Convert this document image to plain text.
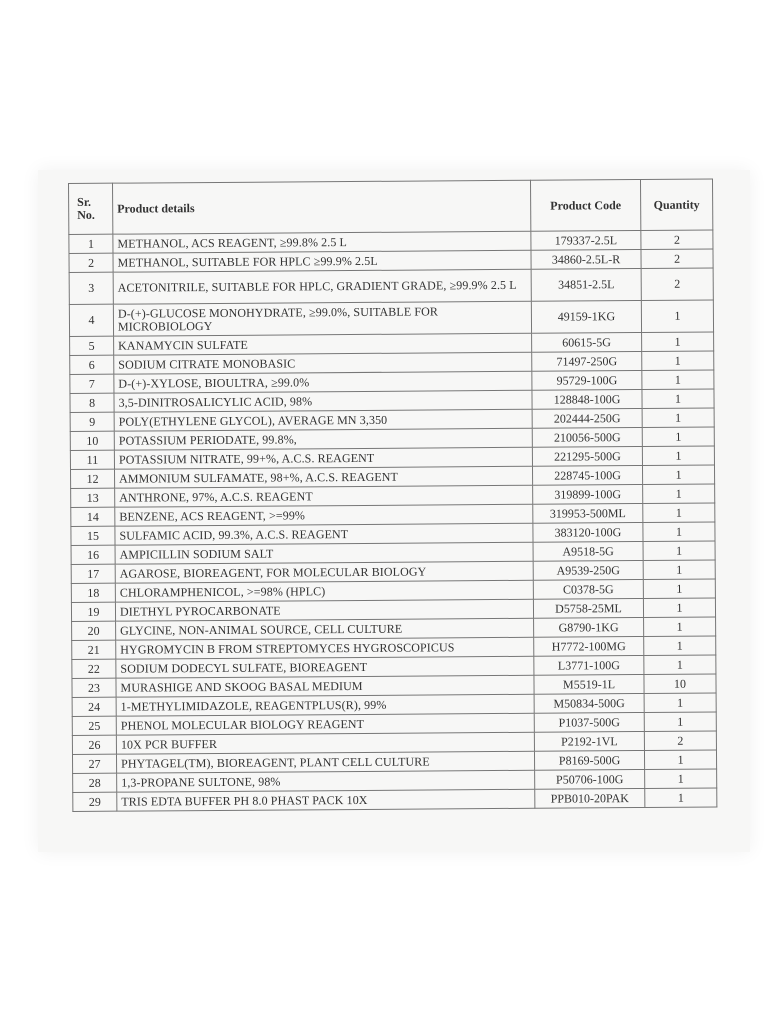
Sr. No.	Product details	Product Code	Quantity
1	METHANOL, ACS REAGENT, ≥99.8% 2.5 L	179337-2.5L	2
2	METHANOL, SUITABLE FOR HPLC ≥99.9% 2.5L	34860-2.5L-R	2
3	ACETONITRILE, SUITABLE FOR HPLC, GRADIENT GRADE, ≥99.9% 2.5 L	34851-2.5L	2
4	D-(+)-GLUCOSE MONOHYDRATE, ≥99.0%, SUITABLE FOR MICROBIOLOGY	49159-1KG	1
5	KANAMYCIN SULFATE	60615-5G	1
6	SODIUM CITRATE MONOBASIC	71497-250G	1
7	D-(+)-XYLOSE, BIOULTRA, ≥99.0%	95729-100G	1
8	3,5-DINITROSALICYLIC ACID, 98%	128848-100G	1
9	POLY(ETHYLENE GLYCOL), AVERAGE MN 3,350	202444-250G	1
10	POTASSIUM PERIODATE, 99.8%,	210056-500G	1
11	POTASSIUM NITRATE, 99+%, A.C.S. REAGENT	221295-500G	1
12	AMMONIUM SULFAMATE, 98+%, A.C.S. REAGENT	228745-100G	1
13	ANTHRONE, 97%, A.C.S. REAGENT	319899-100G	1
14	BENZENE, ACS REAGENT, >=99%	319953-500ML	1
15	SULFAMIC ACID, 99.3%, A.C.S. REAGENT	383120-100G	1
16	AMPICILLIN SODIUM SALT	A9518-5G	1
17	AGAROSE, BIOREAGENT, FOR MOLECULAR BIOLOGY	A9539-250G	1
18	CHLORAMPHENICOL, >=98% (HPLC)	C0378-5G	1
19	DIETHYL PYROCARBONATE	D5758-25ML	1
20	GLYCINE, NON-ANIMAL SOURCE, CELL CULTURE	G8790-1KG	1
21	HYGROMYCIN B FROM STREPTOMYCES HYGROSCOPICUS	H7772-100MG	1
22	SODIUM DODECYL SULFATE, BIOREAGENT	L3771-100G	1
23	MURASHIGE AND SKOOG BASAL MEDIUM	M5519-1L	10
24	1-METHYLIMIDAZOLE, REAGENTPLUS(R), 99%	M50834-500G	1
25	PHENOL MOLECULAR BIOLOGY REAGENT	P1037-500G	1
26	10X PCR BUFFER	P2192-1VL	2
27	PHYTAGEL(TM), BIOREAGENT, PLANT CELL CULTURE	P8169-500G	1
28	1,3-PROPANE SULTONE, 98%	P50706-100G	1
29	TRIS EDTA BUFFER PH 8.0 PHAST PACK 10X	PPB010-20PAK	1
